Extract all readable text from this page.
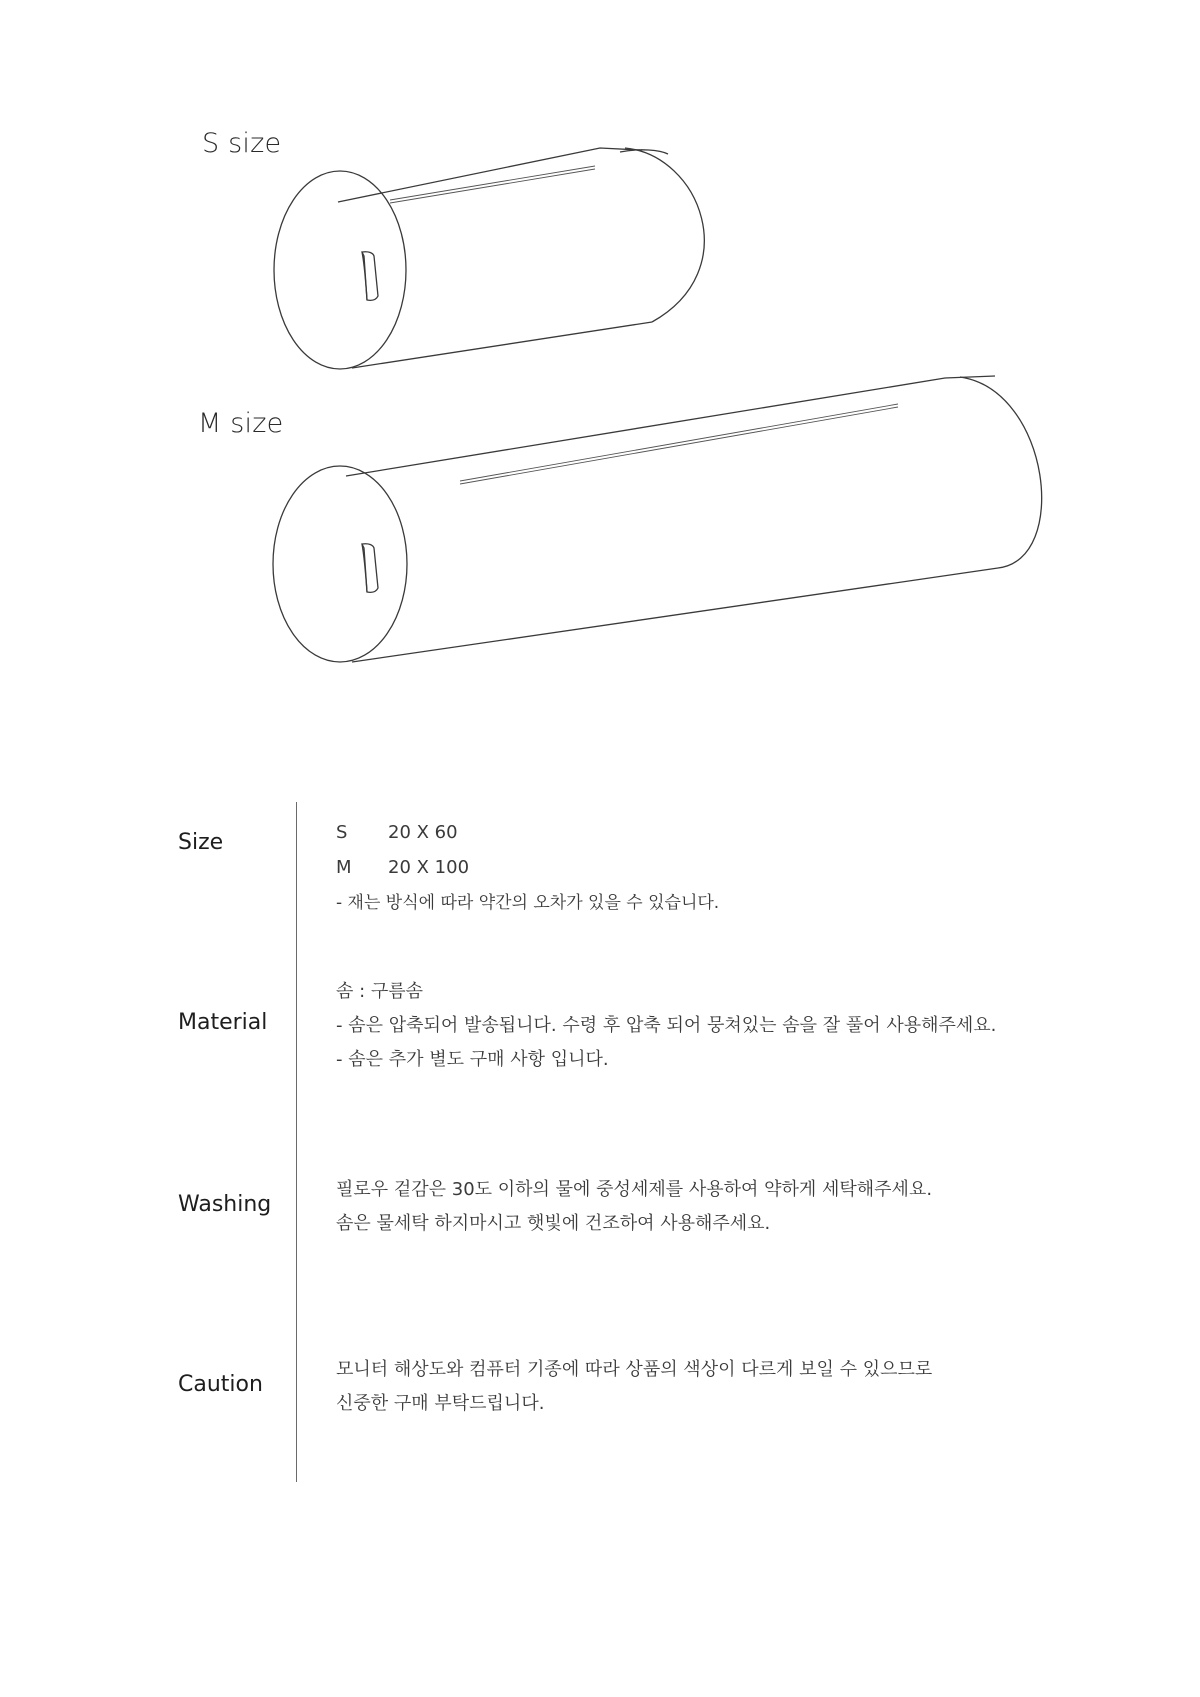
S size
M size
Size	S	20 X 60
M	20 X 100
- 재는 방식에 따라 약간의 오차가 있을 수 있습니다.
Material
솜 : 구름솜
- 솜은 압축되어 발송됩니다. 수령 후 압축 되어 뭉쳐있는 솜을 잘 풀어 사용해주세요.
- 솜은 추가 별도 구매 사항 입니다.
Washing
필로우 겉감은 30도 이하의 물에 중성세제를 사용하여 약하게 세탁해주세요.
솜은 물세탁 하지마시고 햇빛에 건조하여 사용해주세요.
Caution
모니터 해상도와 컴퓨터 기종에 따라 상품의 색상이 다르게 보일 수 있으므로
신중한 구매 부탁드립니다.
